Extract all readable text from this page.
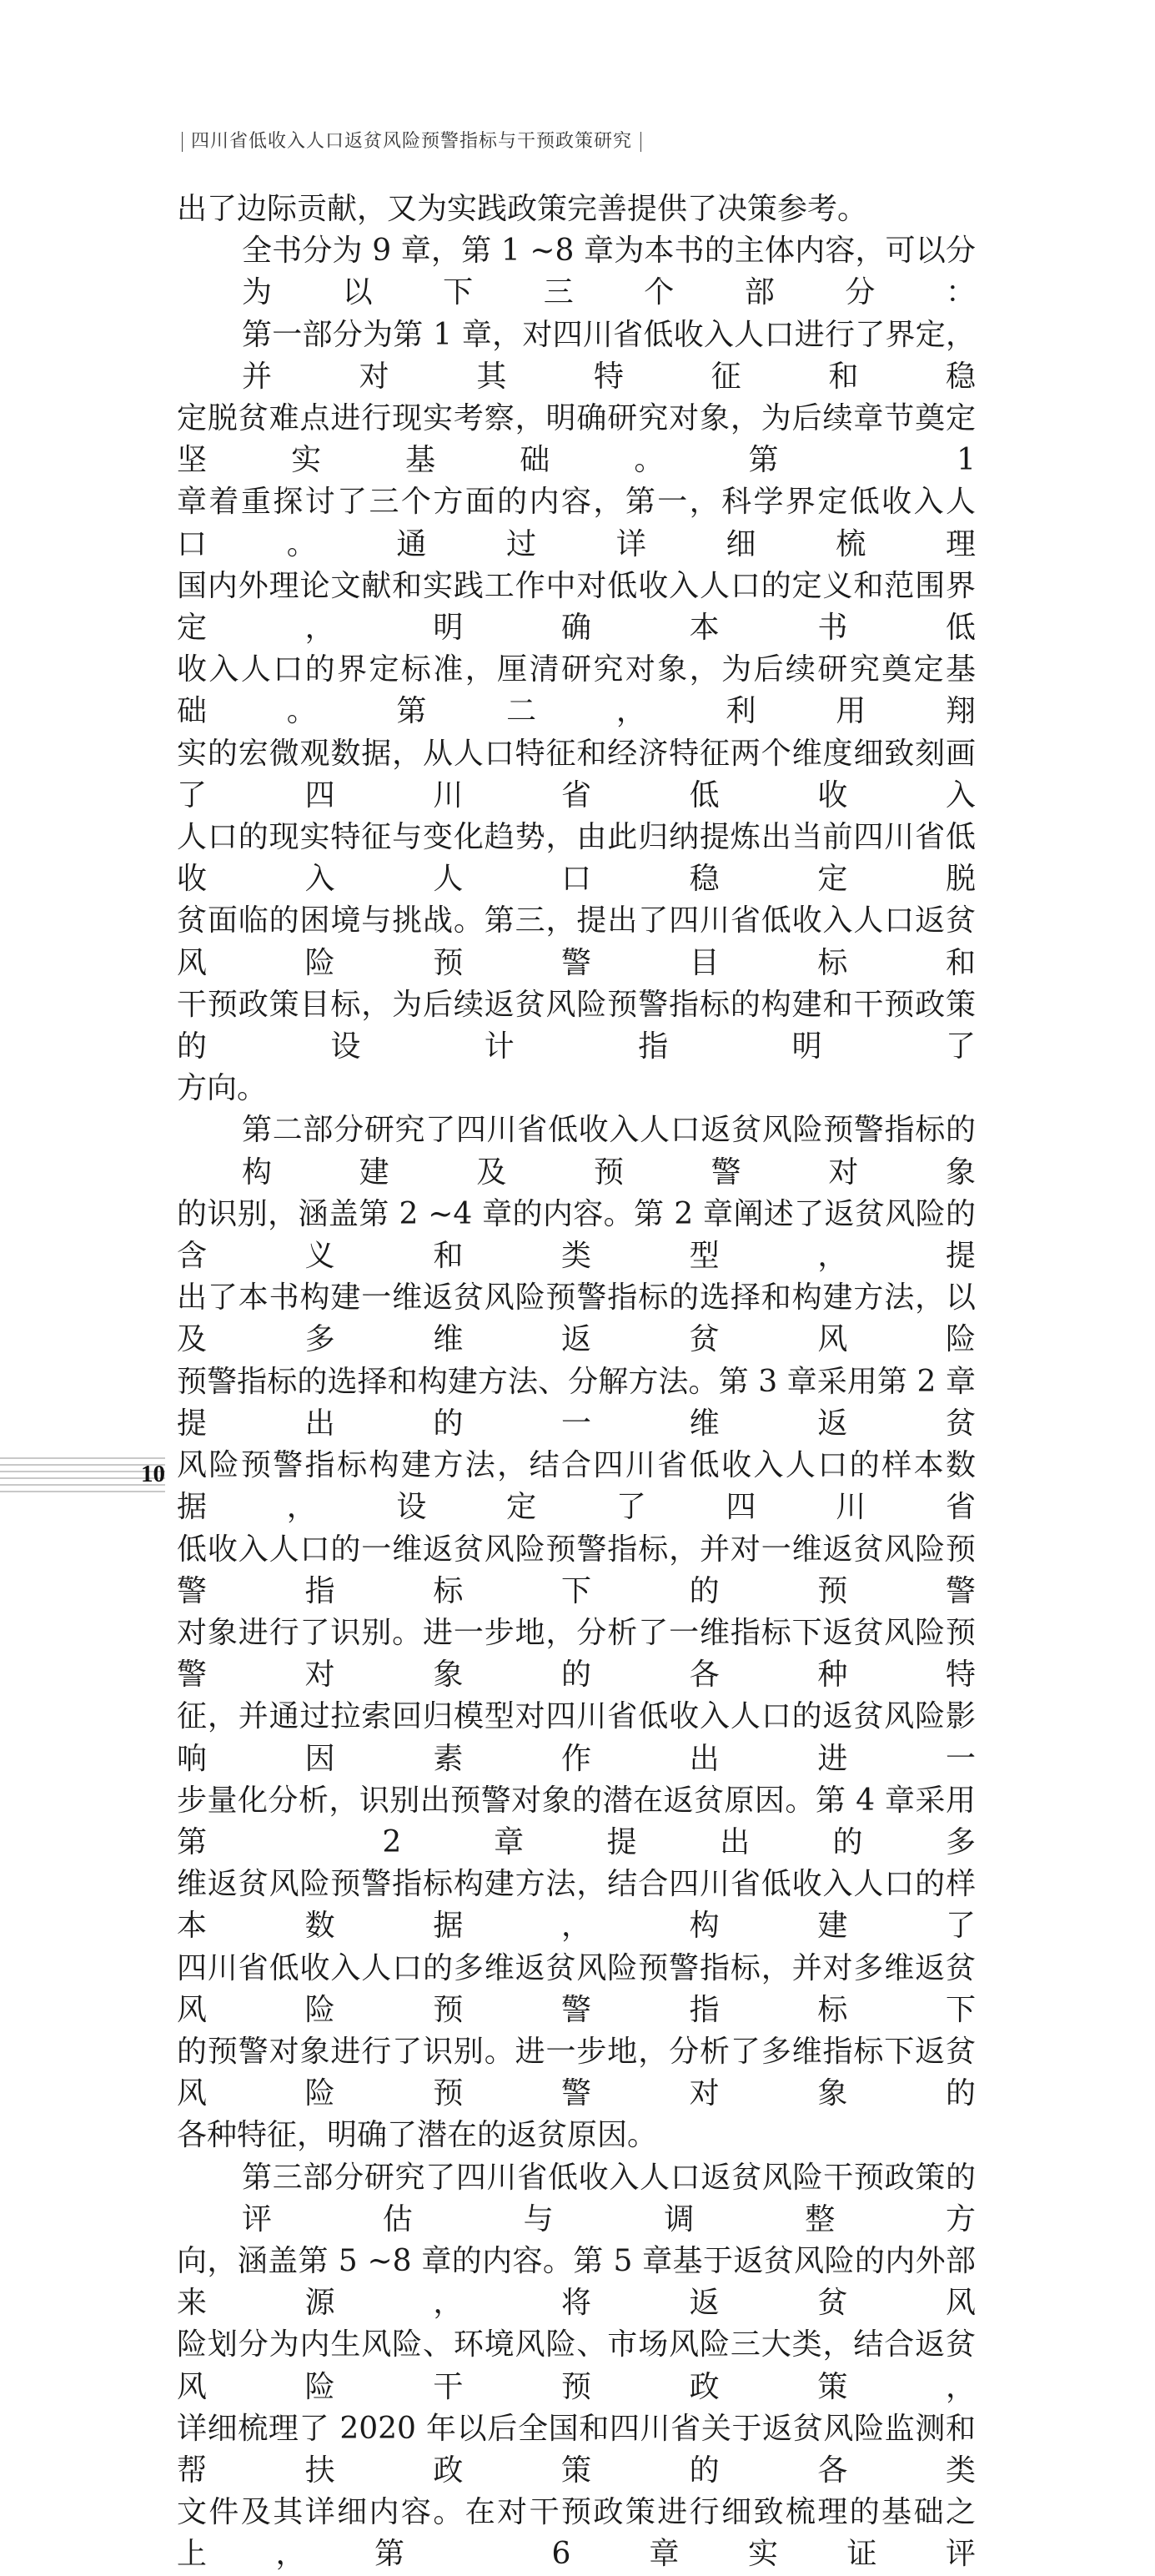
四川省低收入人口返贫风险预警指标与干预政策研究
出了边际贡献，又为实践政策完善提供了决策参考。
全书分为 9 章，第 1 ~8 章为本书的主体内容，可以分为以下三个部分：
第一部分为第 1 章，对四川省低收入人口进行了界定，并对其特征和稳
定脱贫难点进行现实考察，明确研究对象，为后续章节奠定坚实基础。第 1
章着重探讨了三个方面的内容，第一，科学界定低收入人口。通过详细梳理
国内外理论文献和实践工作中对低收入人口的定义和范围界定，明确本书低
收入人口的界定标准，厘清研究对象，为后续研究奠定基础。第二，利用翔
实的宏微观数据，从人口特征和经济特征两个维度细致刻画了四川省低收入
人口的现实特征与变化趋势，由此归纳提炼出当前四川省低收入人口稳定脱
贫面临的困境与挑战。第三，提出了四川省低收入人口返贫风险预警目标和
干预政策目标，为后续返贫风险预警指标的构建和干预政策的设计指明了
方向。
第二部分研究了四川省低收入人口返贫风险预警指标的构建及预警对象
的识别，涵盖第 2 ~4 章的内容。第 2 章阐述了返贫风险的含义和类型，提
出了本书构建一维返贫风险预警指标的选择和构建方法，以及多维返贫风险
预警指标的选择和构建方法、分解方法。第 3 章采用第 2 章提出的一维返贫
风险预警指标构建方法，结合四川省低收入人口的样本数据，设定了四川省
低收入人口的一维返贫风险预警指标，并对一维返贫风险预警指标下的预警
对象进行了识别。进一步地，分析了一维指标下返贫风险预警对象的各种特
征，并通过拉索回归模型对四川省低收入人口的返贫风险影响因素作出进一
步量化分析，识别出预警对象的潜在返贫原因。第 4 章采用第 2 章提出的多
维返贫风险预警指标构建方法，结合四川省低收入人口的样本数据，构建了
四川省低收入人口的多维返贫风险预警指标，并对多维返贫风险预警指标下
的预警对象进行了识别。进一步地，分析了多维指标下返贫风险预警对象的
各种特征，明确了潜在的返贫原因。
第三部分研究了四川省低收入人口返贫风险干预政策的评估与调整方
向，涵盖第 5 ~8 章的内容。第 5 章基于返贫风险的内外部来源，将返贫风
险划分为内生风险、环境风险、市场风险三大类，结合返贫风险干预政策，
详细梳理了 2020 年以后全国和四川省关于返贫风险监测和帮扶政策的各类
文件及其详细内容。在对干预政策进行细致梳理的基础之上，第 6 章实证评
10
